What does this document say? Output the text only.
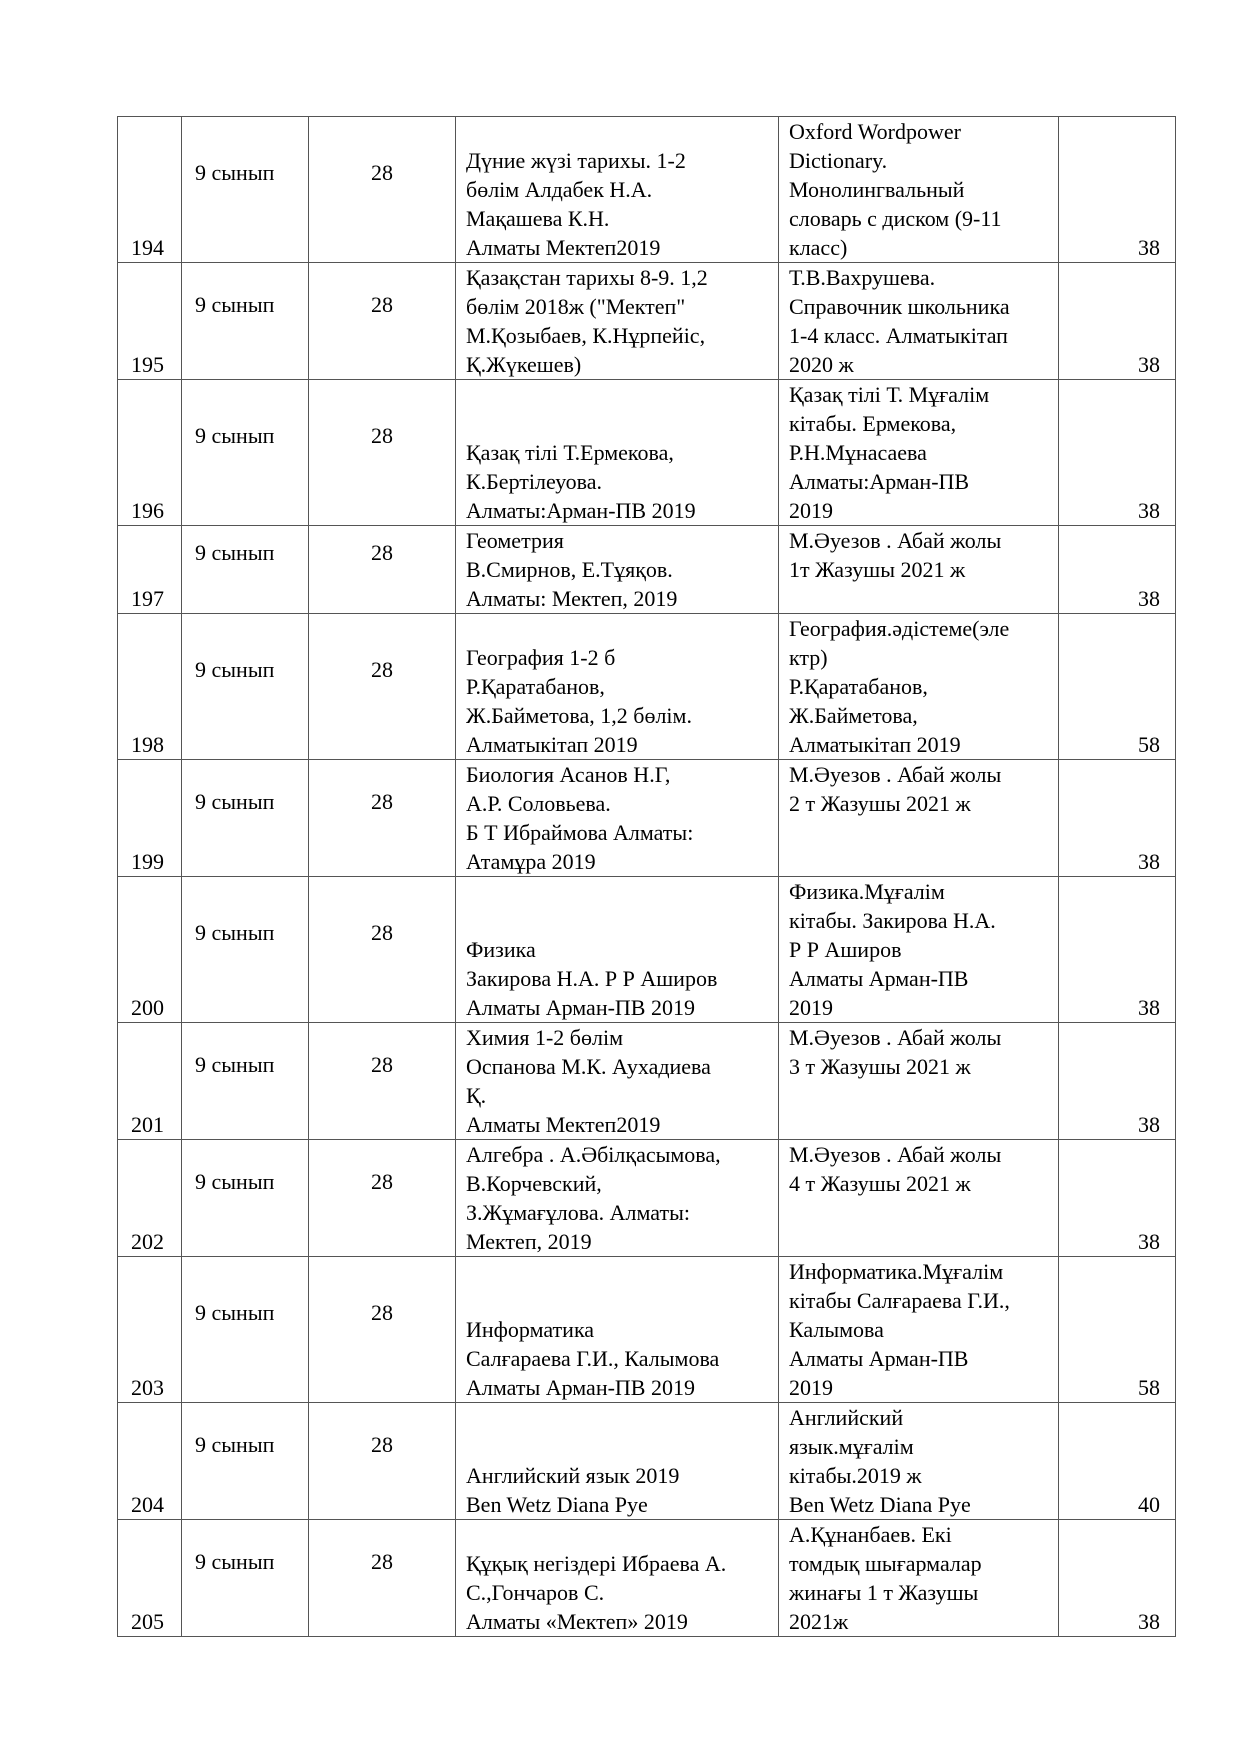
194	9 сынып	28	Дүние жүзі тарихы. 1-2
бөлім Алдабек Н.А.
Мақашева К.Н.
Алматы Мектеп2019	Oxford Wordpower
Dictionary.
Монолингвальный
словарь с диском (9-11
класс)	38
195	9 сынып	28	Қазақстан тарихы 8-9. 1,2
бөлім 2018ж ("Мектеп"
М.Қозыбаев, К.Нұрпейіс,
Қ.Жүкешев)	Т.В.Вахрушева.
Справочник школьника
1-4 класс. Алматыкітап
2020 ж	38
196	9 сынып	28	Қазақ тілі Т.Ермекова,
К.Бертілеуова.
Алматы:Арман-ПВ 2019	Қазақ тілі Т. Мұғалім
кітабы. Ермекова,
Р.Н.Мұнасаева
Алматы:Арман-ПВ
2019	38
197	9 сынып	28	Геометрия
В.Смирнов, Е.Тұяқов.
Алматы: Мектеп, 2019	М.Әуезов . Абай жолы
1т Жазушы 2021 ж	38
198	9 сынып	28	География 1-2 б
Р.Қаратабанов,
Ж.Байметова, 1,2 бөлім.
Алматыкітап 2019	География.әдістеме(эле
ктр)
Р.Қаратабанов,
Ж.Байметова,
Алматыкітап 2019	58
199	9 сынып	28	Биология Асанов Н.Г,
А.Р. Соловьева.
Б Т Ибраймова Алматы:
Атамұра 2019	М.Әуезов . Абай жолы
2 т Жазушы 2021 ж	38
200	9 сынып	28	Физика
Закирова Н.А. Р Р Аширов
Алматы Арман-ПВ 2019	Физика.Мұғалім
кітабы. Закирова Н.А.
Р Р Аширов
Алматы Арман-ПВ
2019	38
201	9 сынып	28	Химия 1-2 бөлім
Оспанова М.К. Аухадиева
Қ.
Алматы Мектеп2019	М.Әуезов . Абай жолы
3 т Жазушы 2021 ж	38
202	9 сынып	28	Алгебра . А.Әбілқасымова,
В.Корчевский,
З.Жұмағұлова. Алматы:
Мектеп, 2019	М.Әуезов . Абай жолы
4 т Жазушы 2021 ж	38
203	9 сынып	28	Информатика
Салғараева Г.И., Калымова
Алматы Арман-ПВ 2019	Информатика.Мұғалім
кітабы Салғараева Г.И.,
Калымова
Алматы Арман-ПВ
2019	58
204	9 сынып	28	Английский язык 2019
Ben Wetz Diana Pye	Английский
язык.мұғалім
кітабы.2019 ж
Ben Wetz Diana Pye	40
205	9 сынып	28	Құқық негіздері Ибраева А.
С.,Гончаров С.
Алматы «Мектеп» 2019	А.Құнанбаев. Екі
томдық шығармалар
жинағы 1 т Жазушы
2021ж	38
